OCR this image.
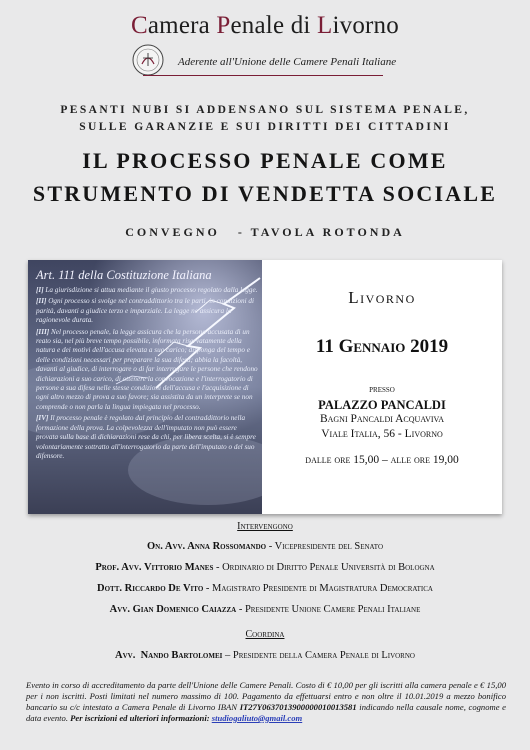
Camera Penale di Livorno
Aderente all'Unione delle Camere Penali Italiane
PESANTI NUBI SI ADDENSANO SUL SISTEMA PENALE,
SULLE GARANZIE E SUI DIRITTI DEI CITTADINI
IL PROCESSO PENALE COME
STRUMENTO DI VENDETTA SOCIALE
CONVEGNO   - TAVOLA ROTONDA
Art. 111 della Costituzione Italiana

[I] La giurisdizione si attua mediante il giusto processo regolato dalla legge.

[II] Ogni processo si svolge nel contraddittorio tra le parti, in condizioni di parità, davanti a giudice terzo e imparziale. La legge ne assicura la ragionevole durata.

[III] Nel processo penale, la legge assicura che la persona accusata di un reato sia, nel più breve tempo possibile, informata riservatamente della natura e dei motivi dell'accusa elevata a suo carico; disponga del tempo e delle condizioni necessari per preparare la sua difesa; abbia la facoltà, davanti al giudice, di interrogare o di far interrogare le persone che rendono dichiarazioni a suo carico, di ottenere la convocazione e l'interrogatorio di persone a sua difesa nelle stesse condizioni dell'accusa e l'acquisizione di ogni altro mezzo di prova a suo favore; sia assistita da un interprete se non comprende o non parla la lingua impiegata nel processo.

[IV] Il processo penale è regolato dal principio del contraddittorio nella formazione della prova. La colpevolezza dell'imputato non può essere provata sulla base di dichiarazioni rese da chi, per libera scelta, si è sempre volontariamente sottratto all'interrogatorio da parte dell'imputato o del suo difensore.

Livorno
11 Gennaio 2019
presso
PALAZZO PANCALDI
Bagni Pancaldi Acquaviva
Viale Italia, 56 - Livorno
dalle ore 15,00 – alle ore 19,00
Intervengono
On. Avv. Anna Rossomando - Vicepresidente del Senato
Prof. Avv. Vittorio Manes - Ordinario di Diritto Penale Università di Bologna
Dott. Riccardo De Vito - Magistrato Presidente di Magistratura Democratica
Avv. Gian Domenico Caiazza - Presidente Unione Camere Penali Italiane
Coordina
Avv.  Nando Bartolomei – Presidente della Camera Penale di Livorno
Evento in corso di accreditamento da parte dell'Unione delle Camere Penali. Costo di € 10,00 per gli iscritti alla camera penale e € 15,00 per i non iscritti. Posti limitati nel numero massimo di 100. Pagamento da effettuarsi entro e non oltre il 10.01.2019 a mezzo bonifico bancario su c/c intestato a Camera Penale di Livorno IBAN IT27Y0637013900000010013581 indicando nella causale nome, cognome e data evento. Per iscrizioni ed ulteriori informazioni: studiogaliuto@gmail.com
